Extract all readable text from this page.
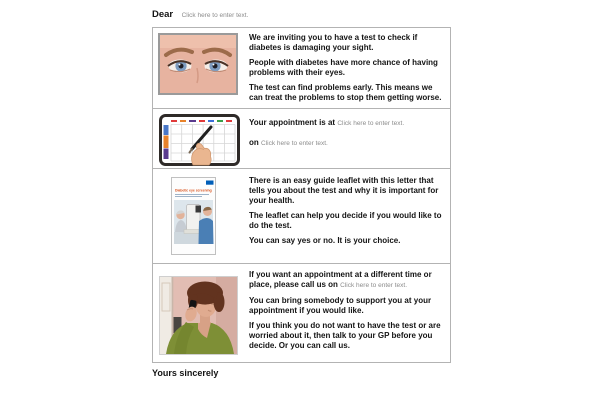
Dear Click here to enter text.

We are inviting you to have a test to check if diabetes is damaging your sight.

People with diabetes have more chance of having problems with their eyes.

The test can find problems early. This means we can treat the problems to stop them getting worse.

Your appointment is at Click here to enter text.

on Click here to enter text.

Diabetic eye screening

There is an easy guide leaflet with this letter that tells you about the test and why it is important for your health.

The leaflet can help you decide if you would like to do the test.

You can say yes or no. It is your choice.

If you want an appointment at a different time or place, please call us on Click here to enter text.

You can bring somebody to support you at your appointment if you would like.

If you think you do not want to have the test or are worried about it, then talk to your GP before you decide. Or you can call us.

Yours sincerely
